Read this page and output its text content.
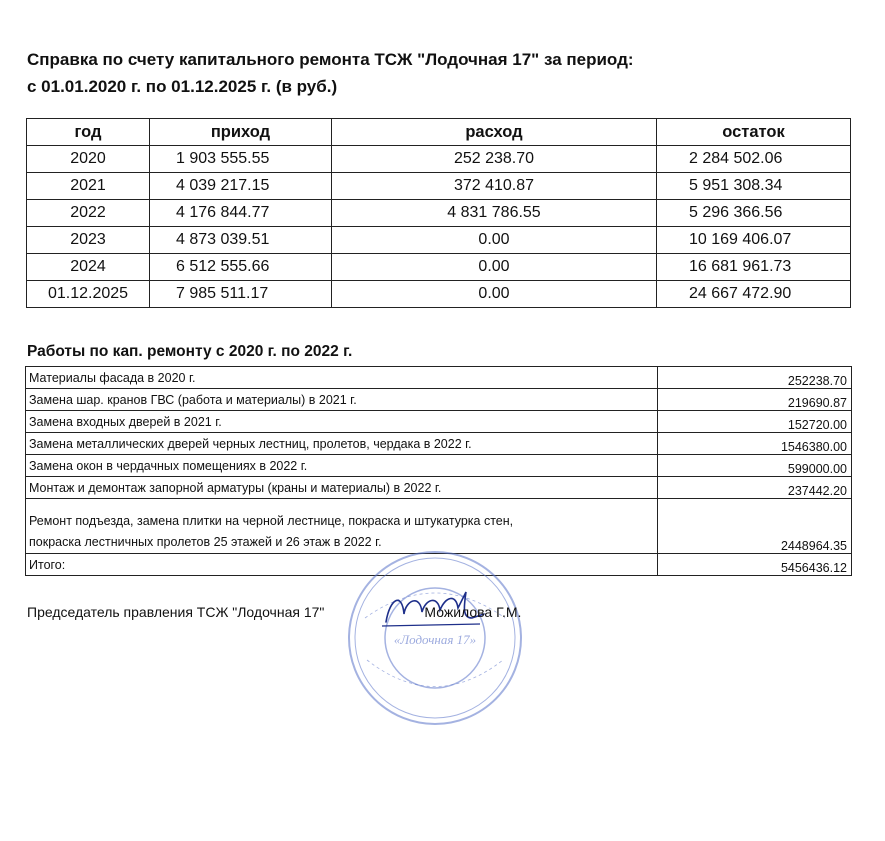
Справка по счету капитального ремонта ТСЖ "Лодочная 17" за период:
с 01.01.2020 г. по 01.12.2025 г. (в руб.)
год	приход	расход	остаток
2020	1 903 555.55	252 238.70	2 284 502.06
2021	4 039 217.15	372 410.87	5 951 308.34
2022	4 176 844.77	4 831 786.55	5 296 366.56
2023	4 873 039.51	0.00	10 169 406.07
2024	6 512 555.66	0.00	16 681 961.73
01.12.2025	7 985 511.17	0.00	24 667 472.90
Работы по кап. ремонту с 2020 г. по 2022 г.
Материалы фасада в 2020 г.	252238.70
Замена шар. кранов ГВС (работа и материалы) в 2021 г.	219690.87
Замена входных дверей в 2021 г.	152720.00
Замена металлических дверей черных лестниц, пролетов, чердака в 2022 г.	1546380.00
Замена окон в чердачных помещениях в 2022 г.	599000.00
Монтаж и демонтаж запорной арматуры (краны и материалы) в 2022 г.	237442.20

Ремонт подъезда, замена плитки на черной лестнице, покраска и штукатурка стен,
покраска лестничных пролетов 25 этажей и 26 этаж в 2022 г.	2448964.35
Итого:	5456436.12
«Лодочная 17»
Председатель правления ТСЖ "Лодочная 17"	Можилова Г.М.
